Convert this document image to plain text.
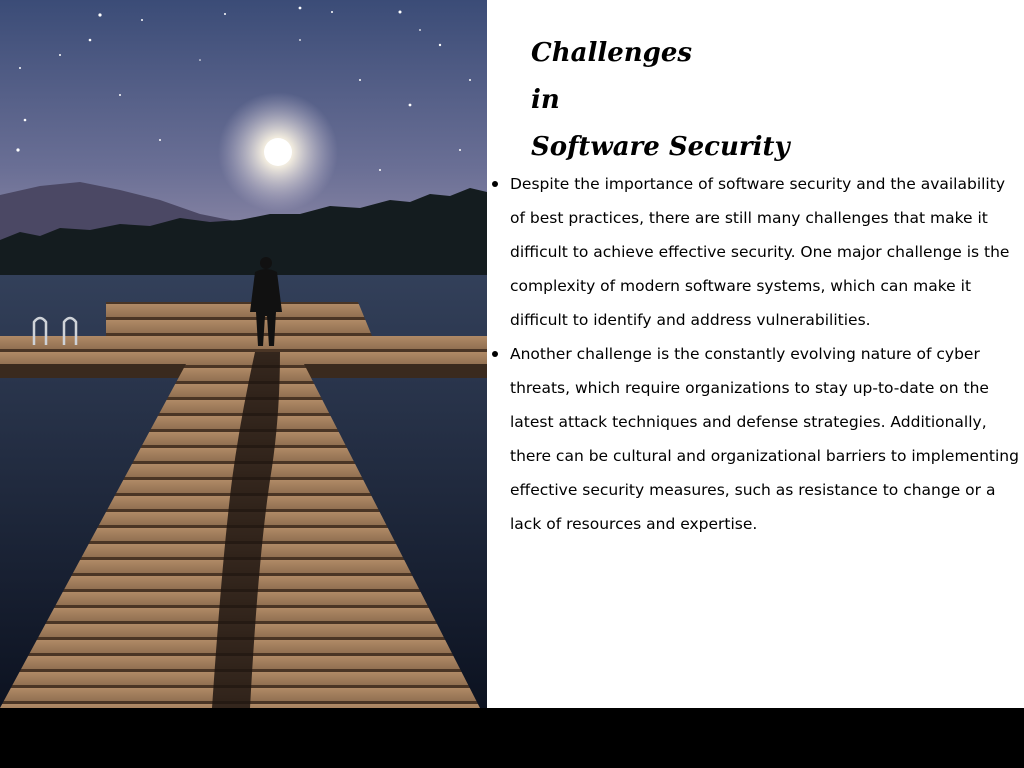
Challenges
in
Software Security
Despite the importance of software security and the availability of best practices, there are still many challenges that make it difficult to achieve effective security. One major challenge is the complexity of modern software systems, which can make it difficult to identify and address vulnerabilities.
Another challenge is the constantly evolving nature of cyber threats, which require organizations to stay up-to-date on the latest attack techniques and defense strategies. Additionally, there can be cultural and organizational barriers to implementing effective security measures, such as resistance to change or a lack of resources and expertise.
